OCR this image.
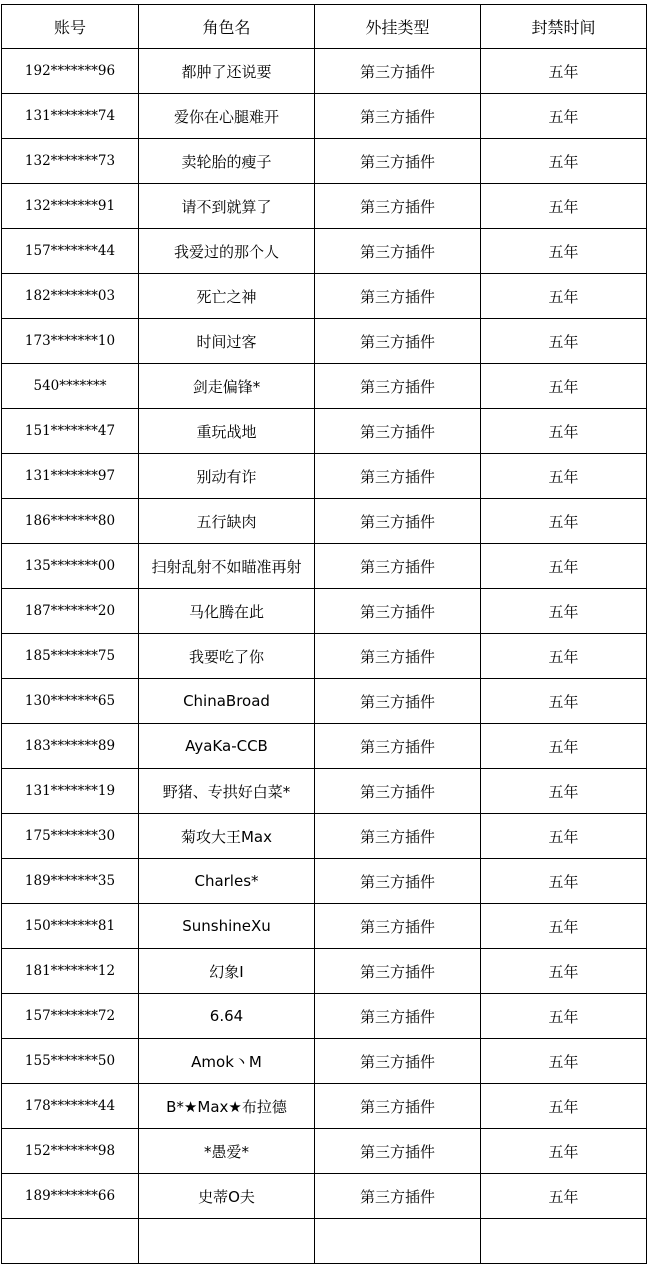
账号	角色名	外挂类型	封禁时间
192*******96	都肿了还说要	第三方插件	五年
131*******74	爱你在心腿难开	第三方插件	五年
132*******73	卖轮胎的瘦子	第三方插件	五年
132*******91	请不到就算了	第三方插件	五年
157*******44	我爱过的那个人	第三方插件	五年
182*******03	死亡之神	第三方插件	五年
173*******10	时间过客	第三方插件	五年
540*******	剑走偏锋*	第三方插件	五年
151*******47	重玩战地	第三方插件	五年
131*******97	别动有诈	第三方插件	五年
186*******80	五行缺肉	第三方插件	五年
135*******00	扫射乱射不如瞄准再射	第三方插件	五年
187*******20	马化腾在此	第三方插件	五年
185*******75	我要吃了你	第三方插件	五年
130*******65	ChinaBroad	第三方插件	五年
183*******89	AyaKa-CCB	第三方插件	五年
131*******19	野猪、专拱好白菜*	第三方插件	五年
175*******30	菊攻大王Max	第三方插件	五年
189*******35	Charles*	第三方插件	五年
150*******81	SunshineXu	第三方插件	五年
181*******12	幻象I	第三方插件	五年
157*******72	6.64	第三方插件	五年
155*******50	Amok丶M	第三方插件	五年
178*******44	B*★Max★布拉德	第三方插件	五年
152*******98	*愚爱*	第三方插件	五年
189*******66	史蒂O夫	第三方插件	五年
